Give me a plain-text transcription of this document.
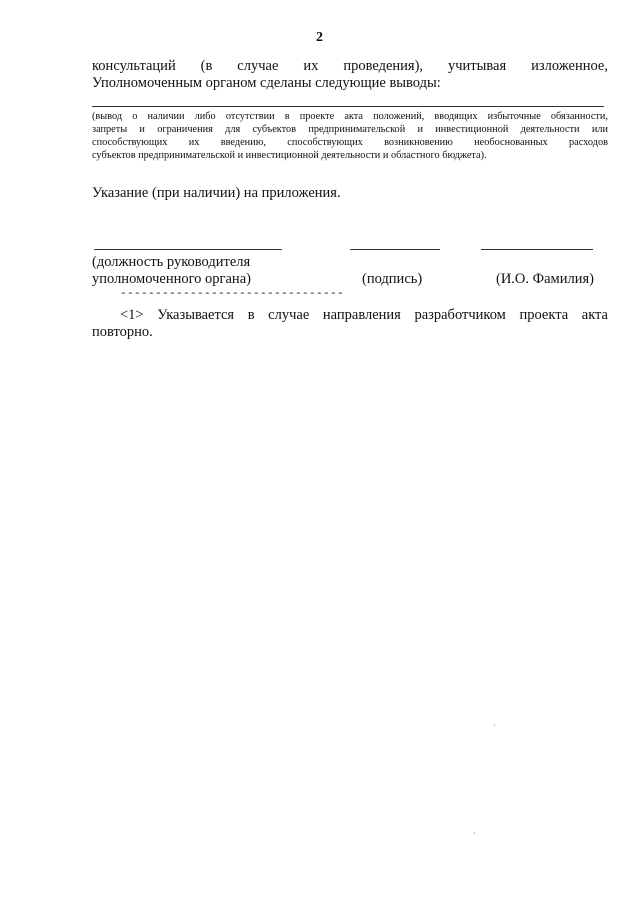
2
консультаций (в случае их проведения), учитывая изложенное,
Уполномоченным органом сделаны следующие выводы:
(вывод о наличии либо отсутствии в проекте акта положений, вводящих избыточные обязанности,
запреты и ограничения для субъектов предпринимательской и инвестиционной деятельности или
способствующих их введению, способствующих возникновению необоснованных расходов
субъектов предпринимательской и инвестиционной деятельности и областного бюджета).
Указание (при наличии) на приложения.
(должность руководителя
уполномоченного органа)	(подпись)	(И.О. Фамилия)
--------------------------------
<1> Указывается в случае направления разработчиком проекта акта
повторно.
